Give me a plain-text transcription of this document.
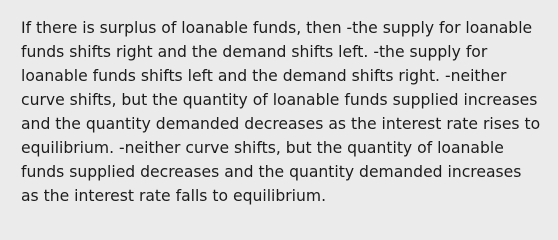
If there is surplus of loanable funds, then -the supply for loanable funds shifts right and the demand shifts left. -the supply for loanable funds shifts left and the demand shifts right. -neither curve shifts, but the quantity of loanable funds supplied increases and the quantity demanded decreases as the interest rate rises to equilibrium. -neither curve shifts, but the quantity of loanable funds supplied decreases and the quantity demanded increases as the interest rate falls to equilibrium.
